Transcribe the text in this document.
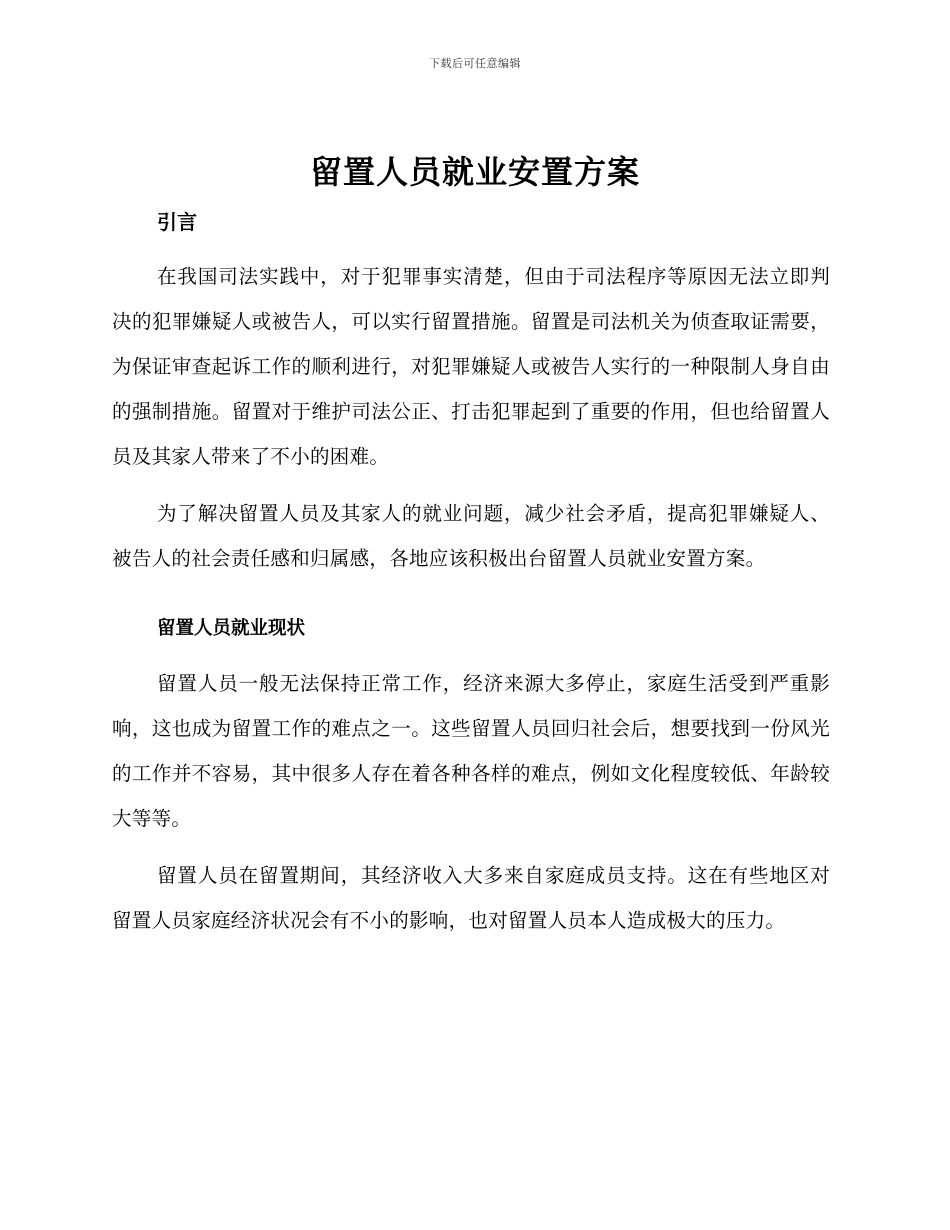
下载后可任意编辑
留置人员就业安置方案
引言

在我国司法实践中，对于犯罪事实清楚，但由于司法程序等原因无法立即判决的犯罪嫌疑人或被告人，可以实行留置措施。留置是司法机关为侦查取证需要，为保证审查起诉工作的顺利进行，对犯罪嫌疑人或被告人实行的一种限制人身自由的强制措施。留置对于维护司法公正、打击犯罪起到了重要的作用，但也给留置人员及其家人带来了不小的困难。

为了解决留置人员及其家人的就业问题，减少社会矛盾，提高犯罪嫌疑人、被告人的社会责任感和归属感，各地应该积极出台留置人员就业安置方案。

留置人员就业现状

留置人员一般无法保持正常工作，经济来源大多停止，家庭生活受到严重影响，这也成为留置工作的难点之一。这些留置人员回归社会后，想要找到一份风光的工作并不容易，其中很多人存在着各种各样的难点，例如文化程度较低、年龄较大等等。

留置人员在留置期间，其经济收入大多来自家庭成员支持。这在有些地区对留置人员家庭经济状况会有不小的影响，也对留置人员本人造成极大的压力。
